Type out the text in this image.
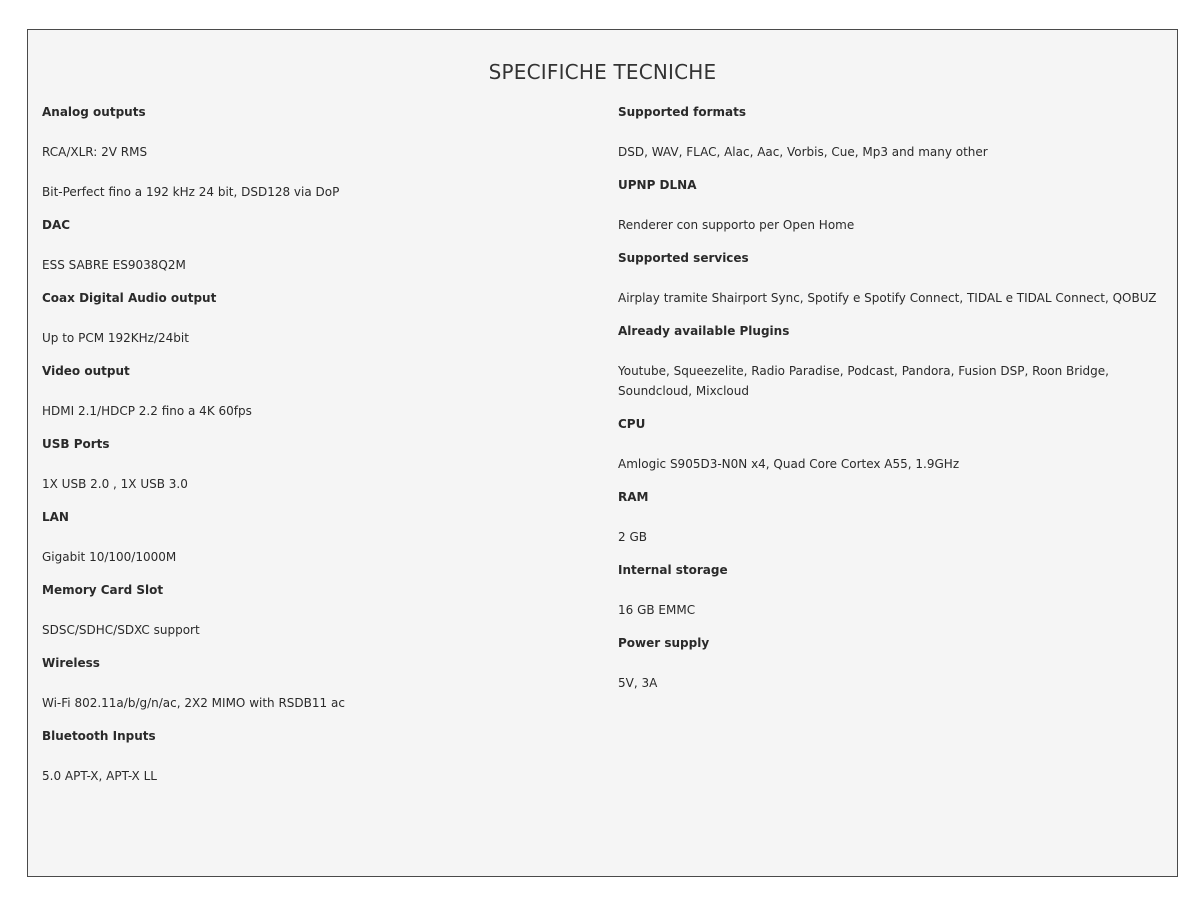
SPECIFICHE TECNICHE
Analog outputs
RCA/XLR: 2V RMS
Bit-Perfect fino a 192 kHz 24 bit, DSD128 via DoP
DAC
ESS SABRE ES9038Q2M
Coax Digital Audio output
Up to PCM 192KHz/24bit
Video output
HDMI 2.1/HDCP 2.2 fino a 4K 60fps
USB Ports
1X USB 2.0 , 1X USB 3.0
LAN
Gigabit 10/100/1000M
Memory Card Slot
SDSC/SDHC/SDXC support
Wireless
Wi-Fi 802.11a/b/g/n/ac, 2X2 MIMO with RSDB11 ac
Bluetooth Inputs
5.0 APT-X, APT-X LL
Supported formats
DSD, WAV, FLAC, Alac, Aac, Vorbis, Cue, Mp3 and many other
UPNP DLNA
Renderer con supporto per Open Home
Supported services
Airplay tramite Shairport Sync, Spotify e Spotify Connect, TIDAL e TIDAL Connect, QOBUZ
Already available Plugins
Youtube, Squeezelite, Radio Paradise, Podcast, Pandora, Fusion DSP, Roon Bridge, Soundcloud, Mixcloud
CPU
Amlogic S905D3-N0N x4, Quad Core Cortex A55, 1.9GHz
RAM
2 GB
Internal storage
16 GB EMMC
Power supply
5V, 3A
